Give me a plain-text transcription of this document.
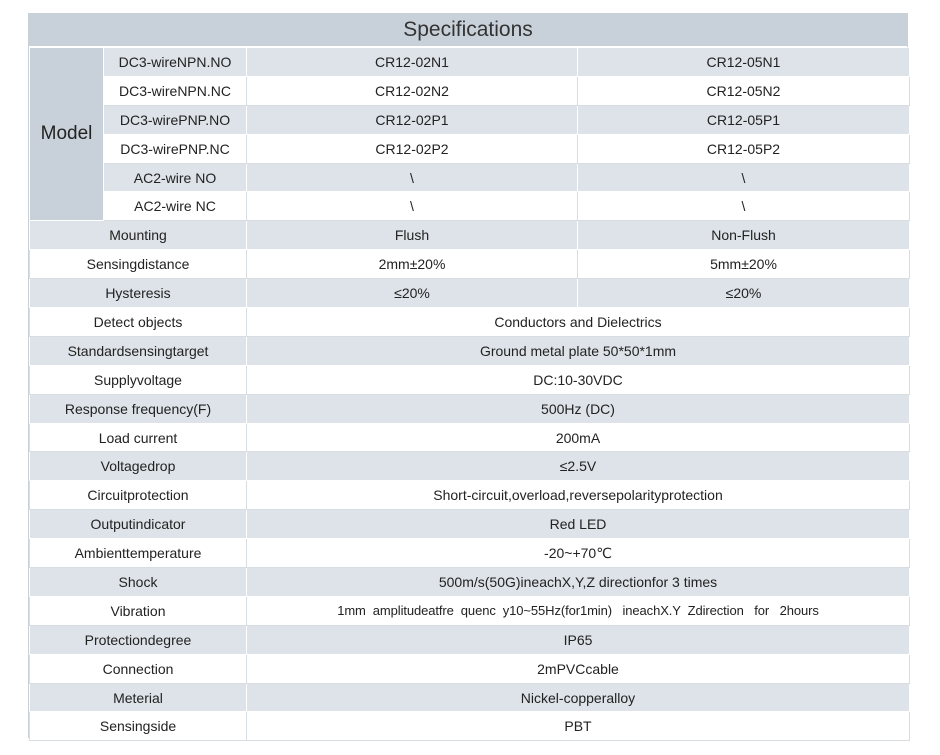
Specifications
Model	DC3-wireNPN.NO	CR12-02N1	CR12-05N1
	DC3-wireNPN.NC	CR12-02N2	CR12-05N2
	DC3-wirePNP.NO	CR12-02P1	CR12-05P1
	DC3-wirePNP.NC	CR12-02P2	CR12-05P2
	AC2-wire NO	\	\
	AC2-wire NC	\	\
Mounting		Flush	Non-Flush
Sensingdistance		2mm±20%	5mm±20%
Hysteresis		≤20%	≤20%
Detect objects		Conductors and Dielectrics	
Standardsensingtarget		Ground metal plate 50*50*1mm	
Supplyvoltage		DC:10-30VDC	
Response frequency(F)		500Hz (DC)	
Load current		200mA	
Voltagedrop		≤2.5V	
Circuitprotection		Short-circuit,overload,reversepolarityprotection	
Outputindicator		Red LED	
Ambienttemperature		-20~+70℃	
Shock		500m/s(50G)ineachX,Y,Z directionfor 3 times	
Vibration		1mm  amplitudeatfre  quenc  y10~55Hz(for1min)   ineachX.Y  Zdirection   for   2hours	
Protectiondegree		IP65	
Connection		2mPVCcable	
Meterial		Nickel-copperalloy	
Sensingside		PBT	
